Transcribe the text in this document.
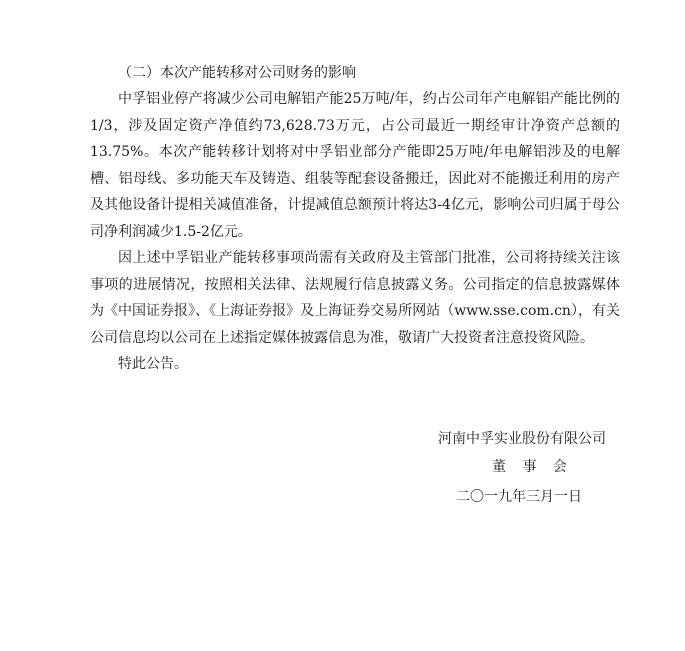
（二）本次产能转移对公司财务的影响

中孚铝业停产将减少公司电解铝产能25万吨/年，约占公司年产电解铝产能比例的1/3，涉及固定资产净值约73,628.73万元，占公司最近一期经审计净资产总额的13.75%。本次产能转移计划将对中孚铝业部分产能即25万吨/年电解铝涉及的电解槽、铝母线、多功能天车及铸造、组装等配套设备搬迁，因此对不能搬迁利用的房产及其他设备计提相关减值准备，计提减值总额预计将达3-4亿元，影响公司归属于母公司净利润减少1.5-2亿元。

因上述中孚铝业产能转移事项尚需有关政府及主管部门批准，公司将持续关注该事项的进展情况，按照相关法律、法规履行信息披露义务。公司指定的信息披露媒体为《中国证券报》、《上海证券报》及上海证券交易所网站（www.sse.com.cn），有关公司信息均以公司在上述指定媒体披露信息为准，敬请广大投资者注意投资风险。

特此公告。

河南中孚实业股份有限公司
董 事 会
二〇一九年三月一日
